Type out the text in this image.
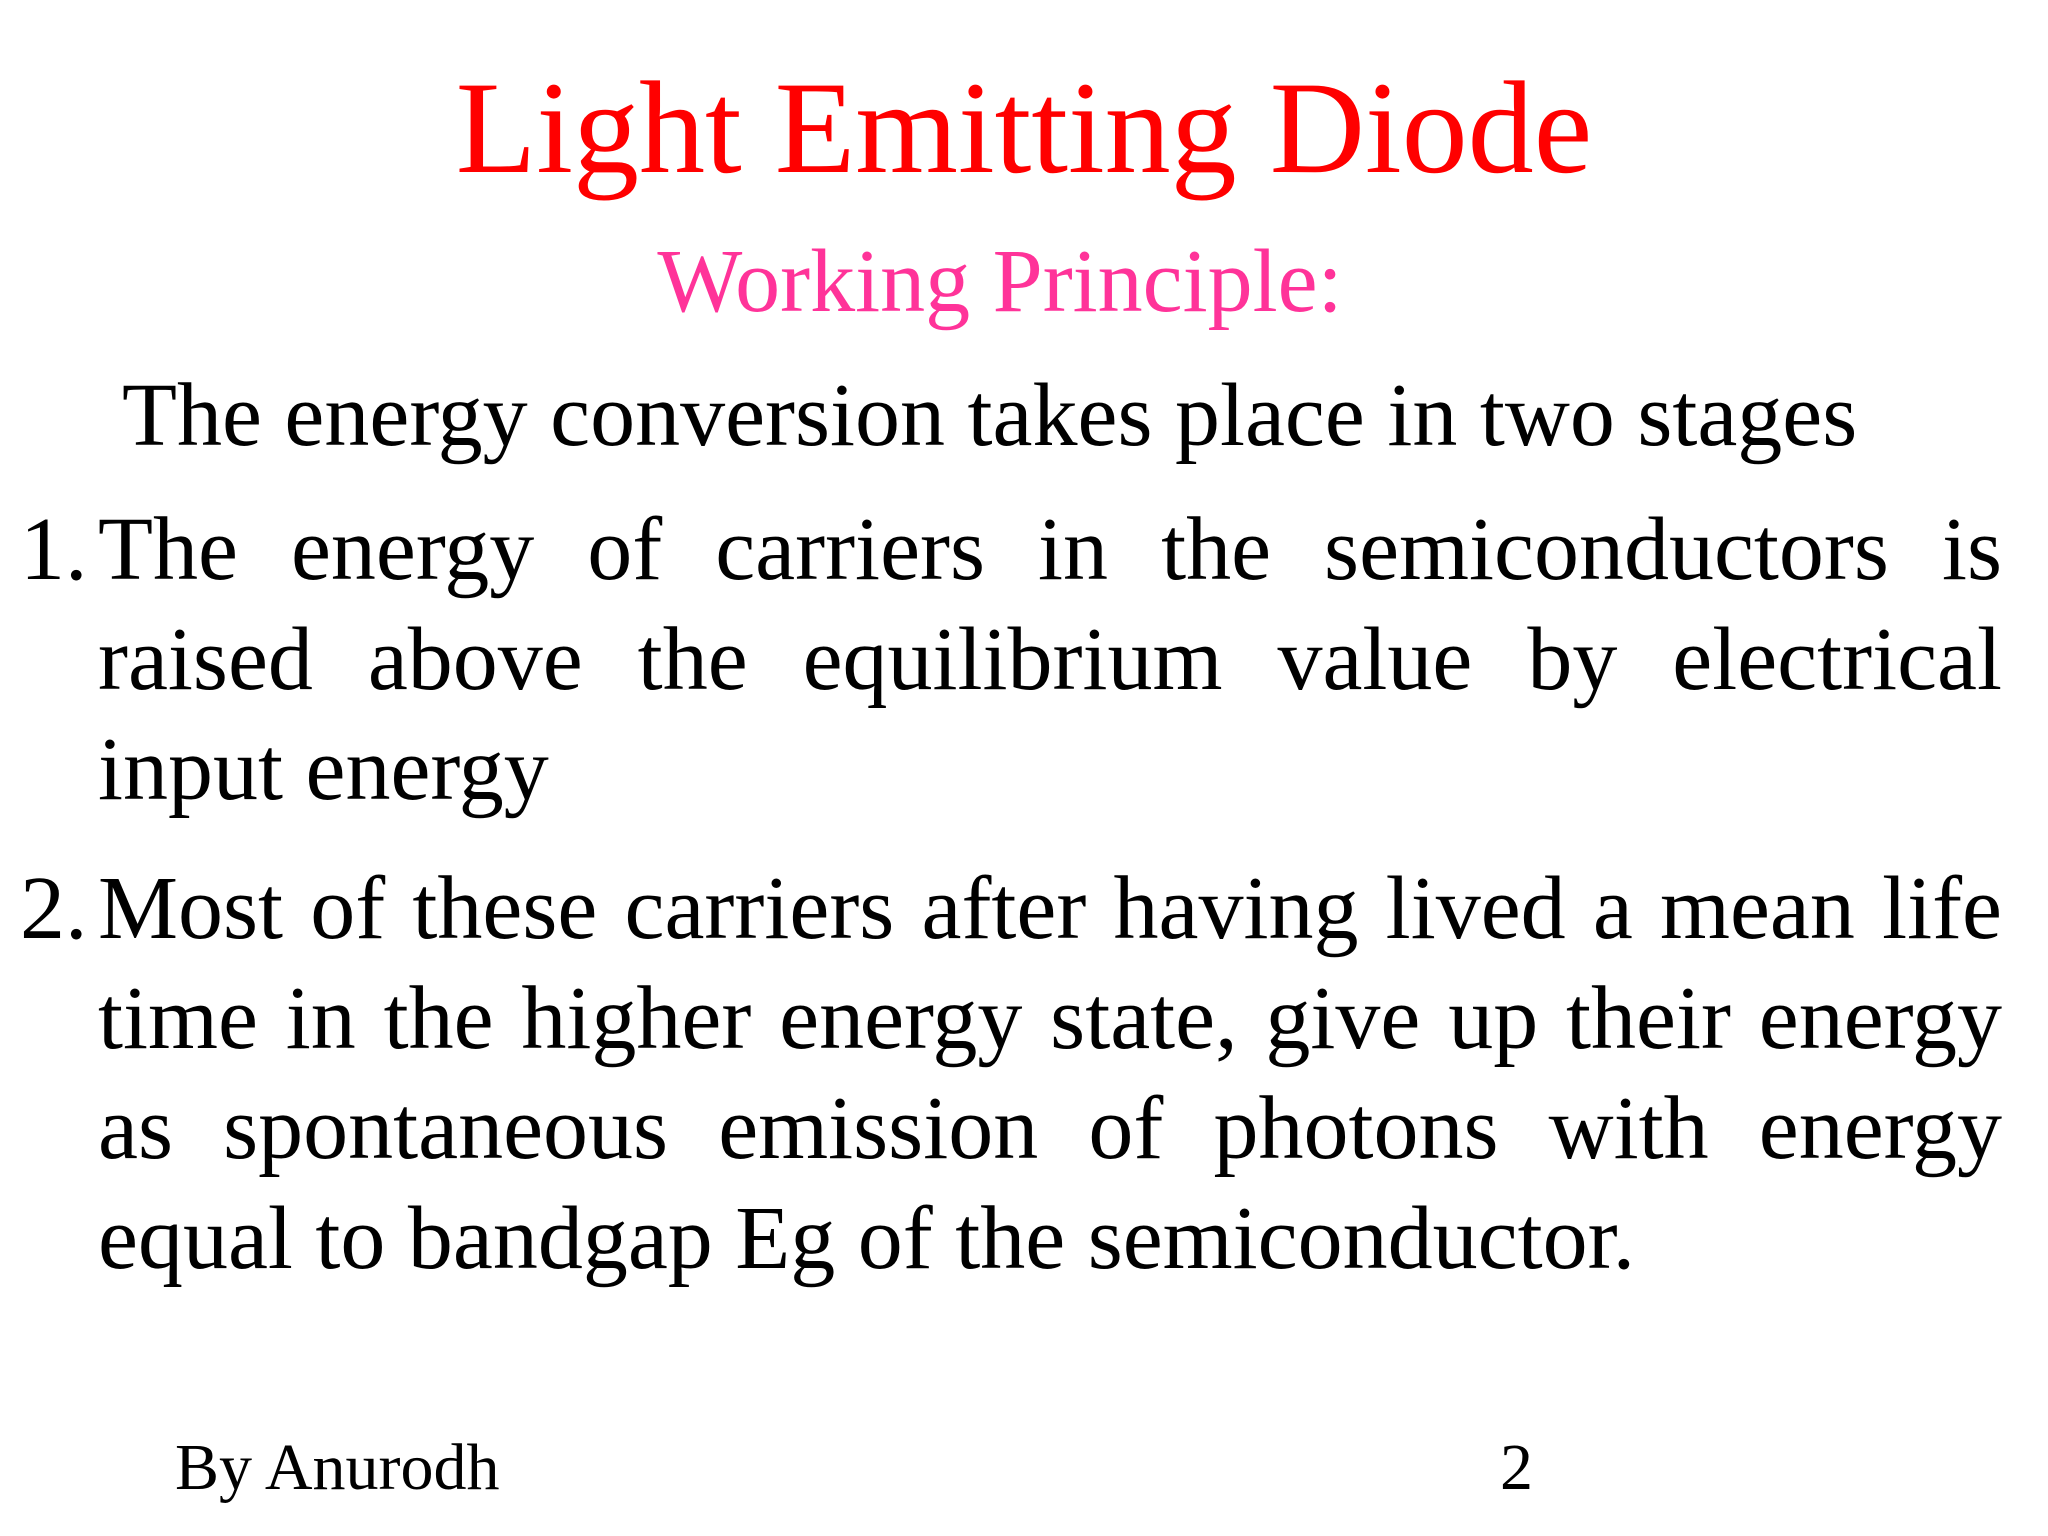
Light Emitting Diode
Working Principle:
The energy conversion takes place in two stages
1. The energy of carriers in the semiconductors is raised above the equilibrium value by electrical input energy
2. Most of these carriers after having lived a mean life time in the higher energy state, give up their energy as spontaneous emission of photons with energy equal to bandgap Eg of the semiconductor.
By Anurodh	2
